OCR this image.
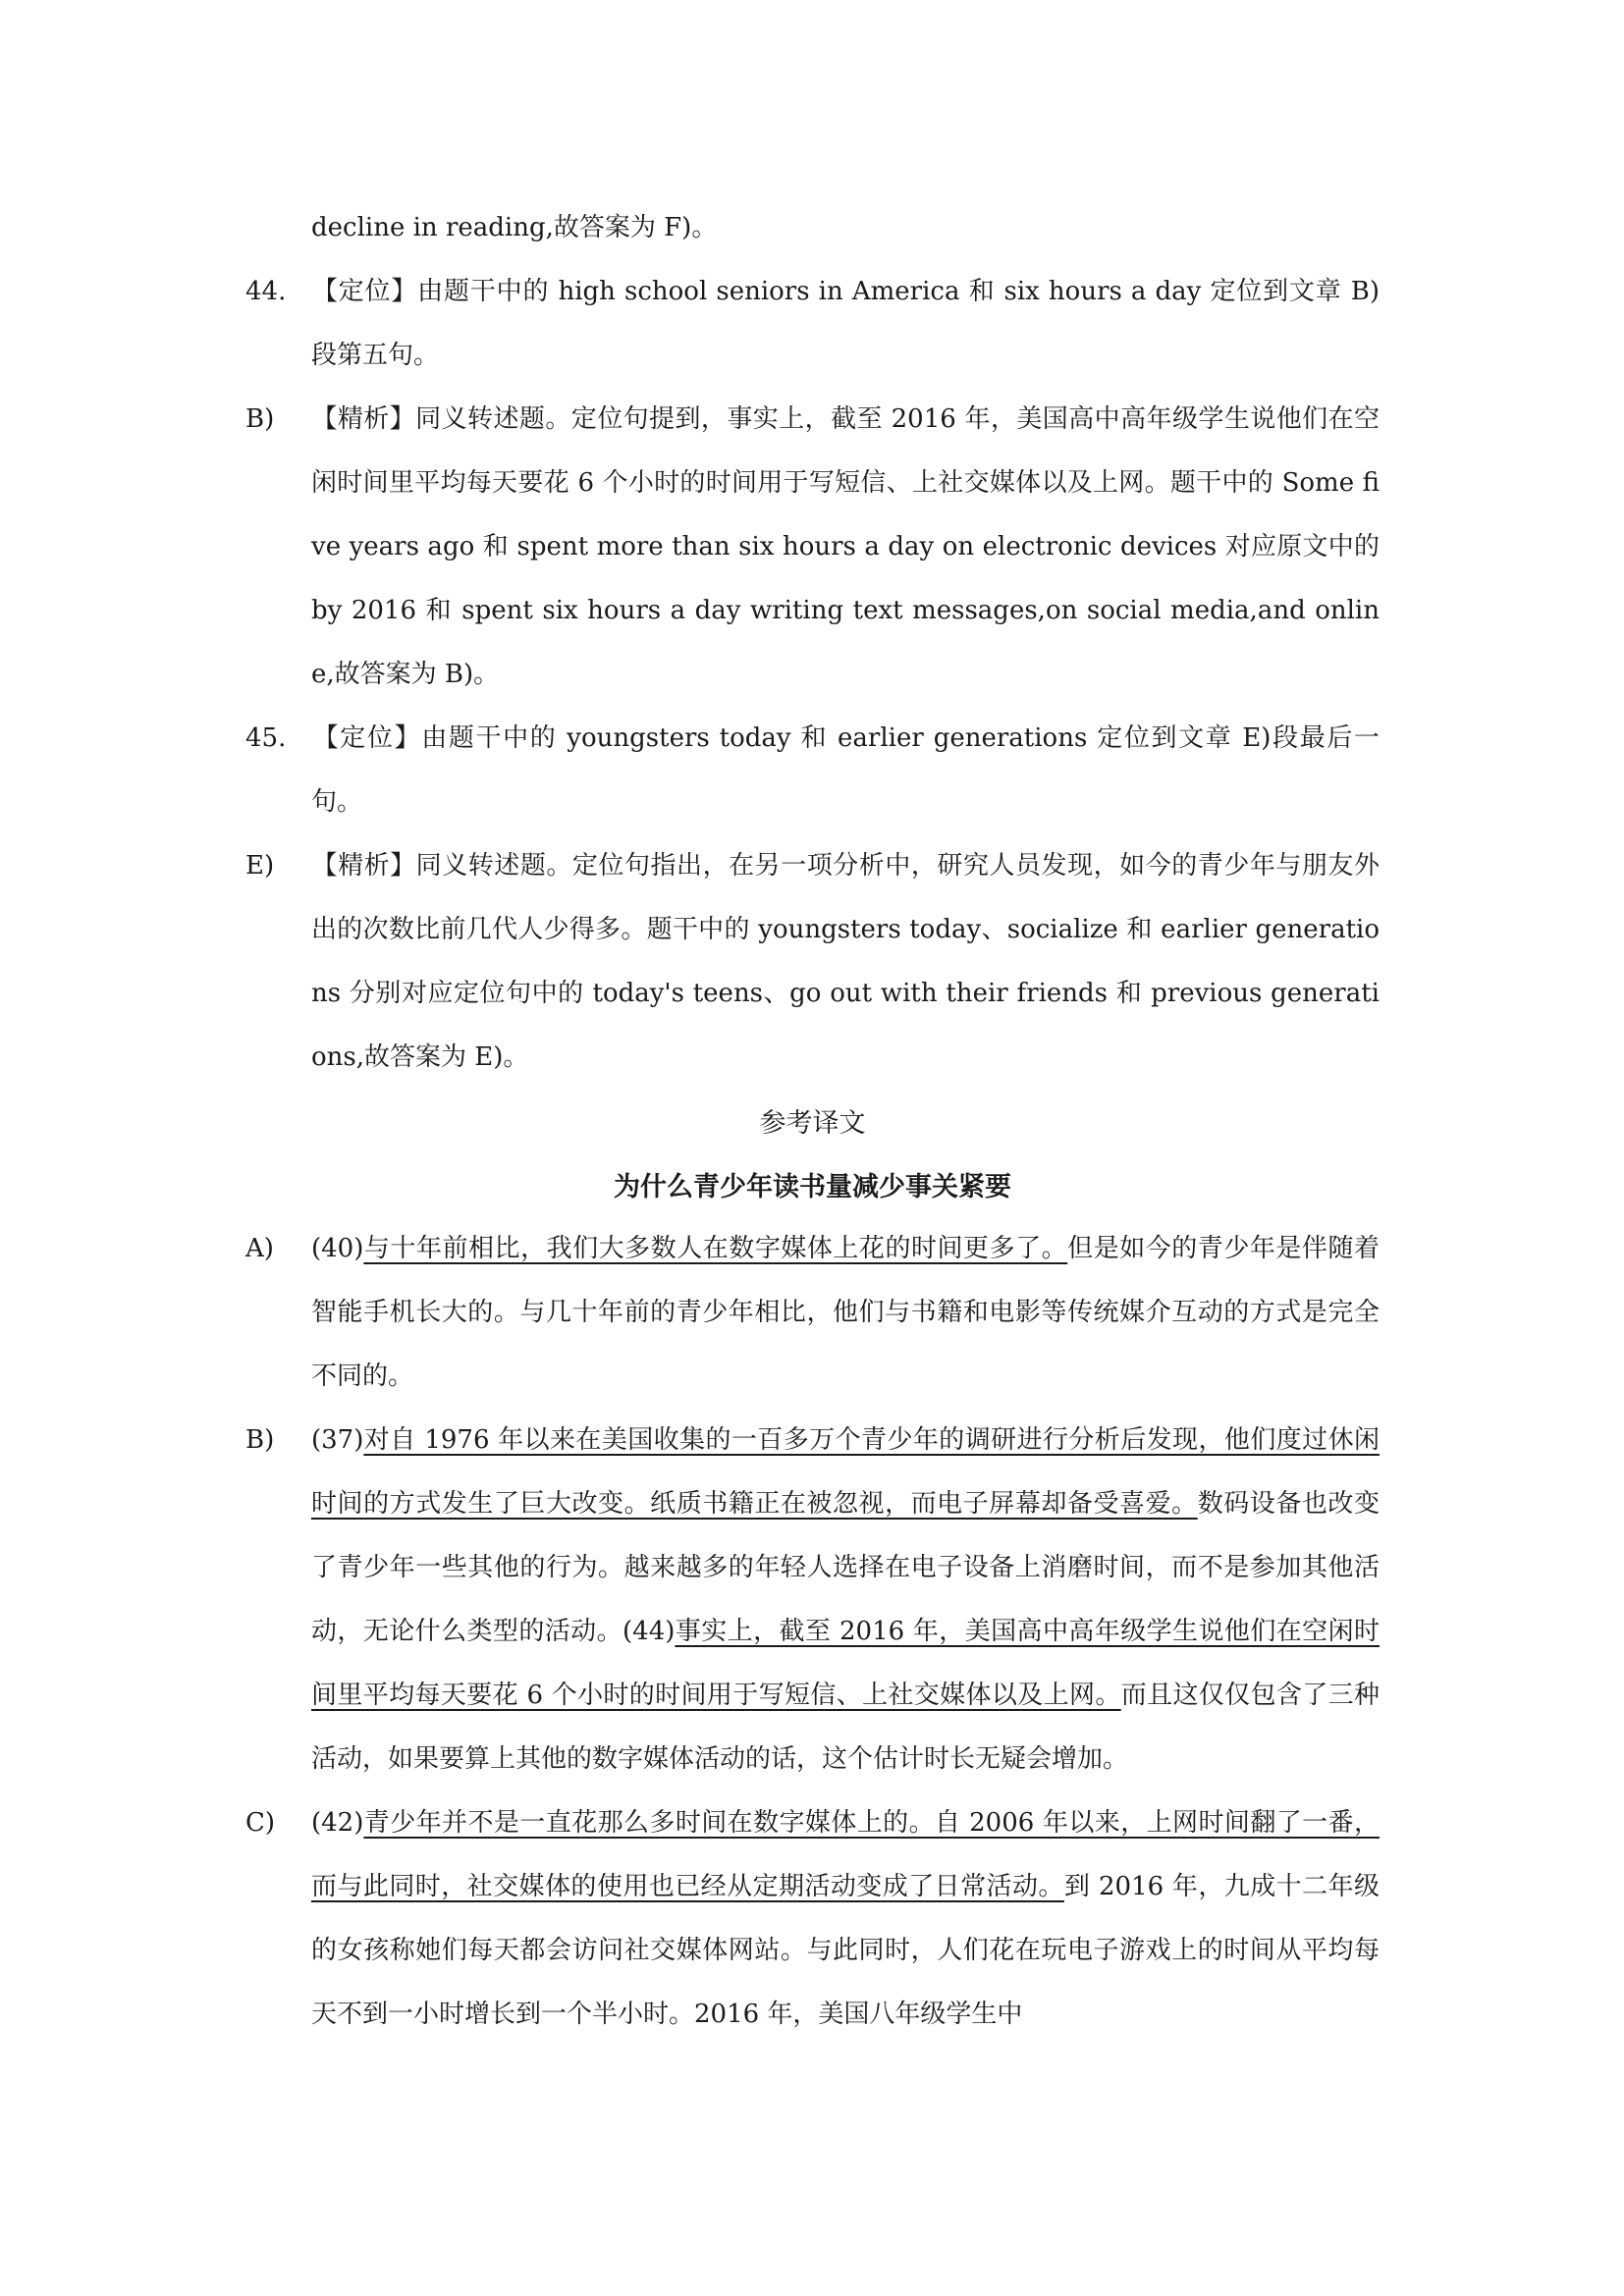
decline in reading,故答案为 F)。

44. 【定位】由题干中的 high school seniors in America 和 six hours a day 定位到文章 B)段第五句。

B) 【精析】同义转述题。定位句提到，事实上，截至 2016 年，美国高中高年级学生说他们在空闲时间里平均每天要花 6 个小时的时间用于写短信、上社交媒体以及上网。题干中的 Some five years ago 和 spent more than six hours a day on electronic devices 对应原文中的 by 2016 和 spent six hours a day writing text messages,on social media,and online,故答案为 B)。

45. 【定位】由题干中的 youngsters today 和 earlier generations 定位到文章 E)段最后一句。

E) 【精析】同义转述题。定位句指出，在另一项分析中，研究人员发现，如今的青少年与朋友外出的次数比前几代人少得多。题干中的 youngsters today、socialize 和 earlier generations 分别对应定位句中的 today's teens、go out with their friends 和 previous generations,故答案为 E)。

参考译文

为什么青少年读书量减少事关紧要

A) (40)与十年前相比，我们大多数人在数字媒体上花的时间更多了。但是如今的青少年是伴随着智能手机长大的。与几十年前的青少年相比，他们与书籍和电影等传统媒介互动的方式是完全不同的。

B) (37)对自 1976 年以来在美国收集的一百多万个青少年的调研进行分析后发现，他们度过休闲时间的方式发生了巨大改变。纸质书籍正在被忽视，而电子屏幕却备受喜爱。数码设备也改变了青少年一些其他的行为。越来越多的年轻人选择在电子设备上消磨时间，而不是参加其他活动，无论什么类型的活动。(44)事实上，截至 2016 年，美国高中高年级学生说他们在空闲时间里平均每天要花 6 个小时的时间用于写短信、上社交媒体以及上网。而且这仅仅包含了三种活动，如果要算上其他的数字媒体活动的话，这个估计时长无疑会增加。

C) (42)青少年并不是一直花那么多时间在数字媒体上的。自 2006 年以来，上网时间翻了一番，而与此同时，社交媒体的使用也已经从定期活动变成了日常活动。到 2016 年，九成十二年级的女孩称她们每天都会访问社交媒体网站。与此同时，人们花在玩电子游戏上的时间从平均每天不到一小时增长到一个半小时。2016 年，美国八年级学生中
